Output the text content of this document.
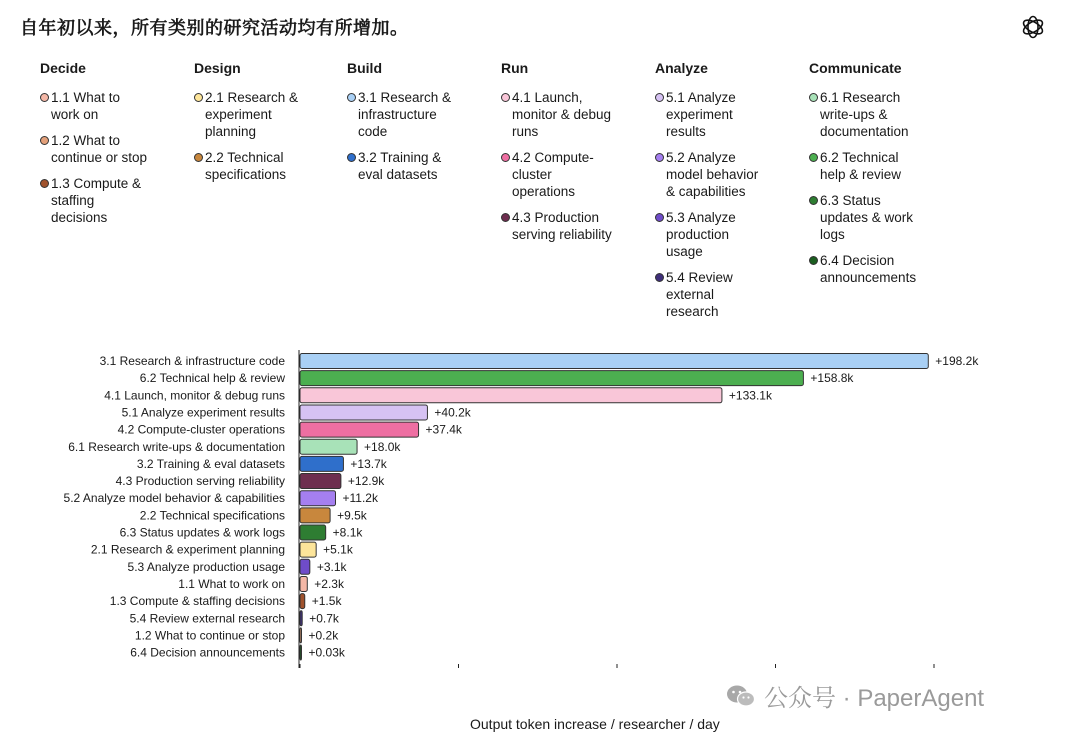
自年初以来，所有类别的研究活动均有所增加。
Decide
1.1 What to work on
1.2 What to continue or stop
1.3 Compute & staffing decisions
Design
2.1 Research & experiment planning
2.2 Technical specifications
Build
3.1 Research & infrastructure code
3.2 Training & eval datasets
Run
4.1 Launch, monitor & debug runs
4.2 Compute-cluster operations
4.3 Production serving reliability
Analyze
5.1 Analyze experiment results
5.2 Analyze model behavior & capabilities
5.3 Analyze production usage
5.4 Review external research
Communicate
6.1 Research write-ups & documentation
6.2 Technical help & review
6.3 Status updates & work logs
6.4 Decision announcements
3.1 Research & infrastructure code	+198.2k
6.2 Technical help & review	+158.8k
4.1 Launch, monitor & debug runs	+133.1k
5.1 Analyze experiment results	+40.2k
4.2 Compute-cluster operations	+37.4k
6.1 Research write-ups & documentation	+18.0k
3.2 Training & eval datasets	+13.7k
4.3 Production serving reliability	+12.9k
5.2 Analyze model behavior & capabilities	+11.2k
2.2 Technical specifications	+9.5k
6.3 Status updates & work logs	+8.1k
2.1 Research & experiment planning	+5.1k
5.3 Analyze production usage	+3.1k
1.1 What to work on +2.3k
1.3 Compute & staffing decisions +1.5k
5.4 Review external research +0.7k
1.2 What to continue or stop +0.2k
6.4 Decision announcements +0.03k
Output token increase / researcher / day
公众号 · PaperAgent
